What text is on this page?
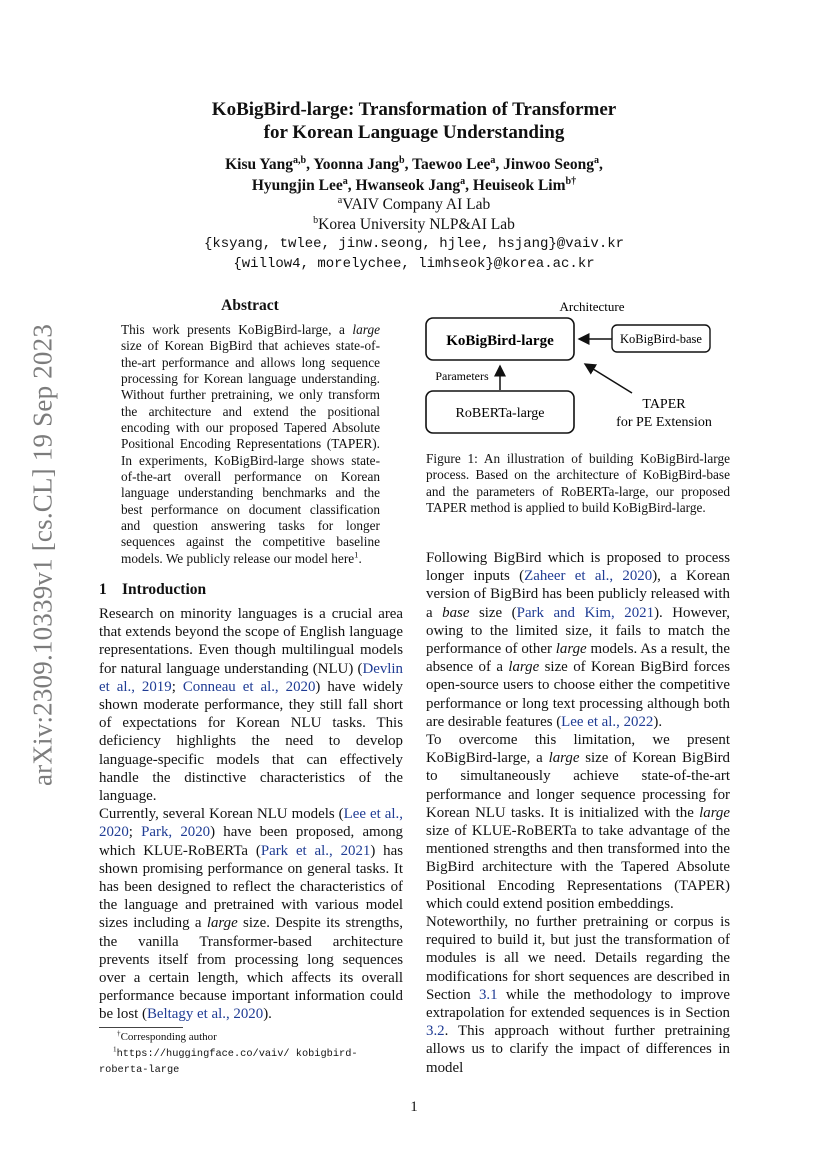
arXiv:2309.10339v1 [cs.CL] 19 Sep 2023
KoBigBird-large: Transformation of Transformer
for Korean Language Understanding
Kisu Yang$^{a,b}$, Yoonna Jang$^b$, Taewoo Lee$^a$, Jinwoo Seong$^a$,
Hyungjin Lee$^a$, Hwanseok Jang$^a$, Heuiseok Lim$^{b\dagger}$
$^a$VAIV Company AI Lab
$^b$Korea University NLP&AI Lab
{ksyang, twlee, jinw.seong, hjlee, hsjang}@vaiv.kr
{willow4, morelychee, limhseok}@korea.ac.kr
Abstract

This work presents KoBigBird-large, a large size of Korean BigBird that achieves state-of-the-art performance and allows long sequence processing for Korean language understanding. Without further pretraining, we only transform the architecture and extend the positional encoding with our proposed Tapered Absolute Positional Encoding Representations (TAPER). In experiments, KoBigBird-large shows state-of-the-art overall performance on Korean language understanding benchmarks and the best performance on document classification and question answering tasks for longer sequences against the competitive baseline models. We publicly release our model here$^1$.

1 Introduction

Research on minority languages is a crucial area that extends beyond the scope of English language representations. Even though multilingual models for natural language understanding (NLU) (Devlin et al., 2019; Conneau et al., 2020) have widely shown moderate performance, they still fall short of expectations for Korean NLU tasks. This deficiency highlights the need to develop language-specific models that can effectively handle the distinctive characteristics of the language.

Currently, several Korean NLU models (Lee et al., 2020; Park, 2020) have been proposed, among which KLUE-RoBERTa (Park et al., 2021) has shown promising performance on general tasks. It has been designed to reflect the characteristics of the language and pretrained with various model sizes including a large size. Despite its strengths, the vanilla Transformer-based architecture prevents itself from processing long sequences over a certain length, which affects its overall performance because important information could be lost (Beltagy et al., 2020).

†Corresponding author
$^1$https://huggingface.co/vaiv/ kobigbird-roberta-large
Architecture
KoBigBird-large	KoBigBird-base
Parameters
RoBERTa-large
TAPER
for PE Extension
Figure 1: An illustration of building KoBigBird-large process. Based on the architecture of KoBigBird-base and the parameters of RoBERTa-large, our proposed TAPER method is applied to build KoBigBird-large.

Following BigBird which is proposed to process longer inputs (Zaheer et al., 2020), a Korean version of BigBird has been publicly released with a base size (Park and Kim, 2021). However, owing to the limited size, it fails to match the performance of other large models. As a result, the absence of a large size of Korean BigBird forces open-source users to choose either the competitive performance or long text processing although both are desirable features (Lee et al., 2022).

To overcome this limitation, we present KoBigBird-large, a large size of Korean BigBird to simultaneously achieve state-of-the-art performance and longer sequence processing for Korean NLU tasks. It is initialized with the large size of KLUE-RoBERTa to take advantage of the mentioned strengths and then transformed into the BigBird architecture with the Tapered Absolute Positional Encoding Representations (TAPER) which could extend position embeddings.

Noteworthily, no further pretraining or corpus is required to build it, but just the transformation of modules is all we need. Details regarding the modifications for short sequences are described in Section 3.1 while the methodology to improve extrapolation for extended sequences is in Section 3.2. This approach without further pretraining allows us to clarify the impact of differences in model

1
